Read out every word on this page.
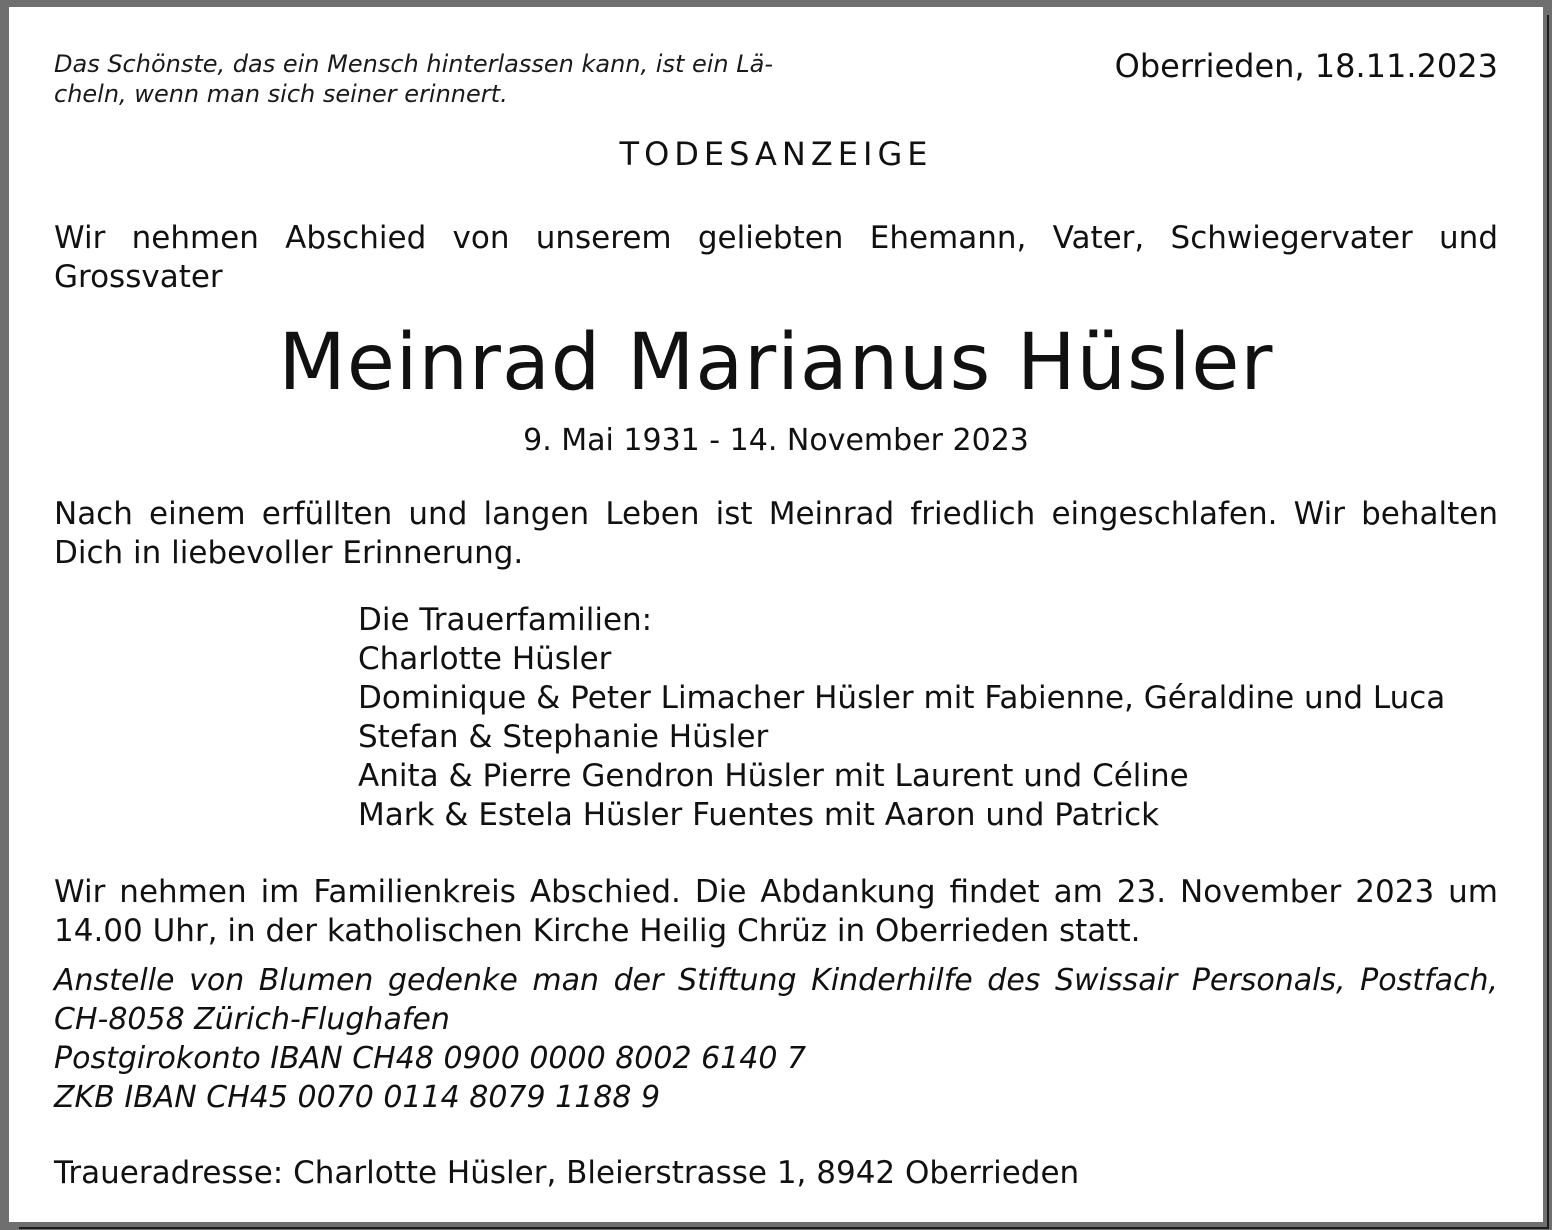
Das Schönste, das ein Mensch hinterlassen kann, ist ein Lä-
cheln, wenn man sich seiner erinnert.
Oberrieden, 18.11.2023
TODESANZEIGE
Wir nehmen Abschied von unserem geliebten Ehemann, Vater, Schwiegervater und Grossvater
Meinrad Marianus Hüsler
9. Mai 1931 - 14. November 2023
Nach einem erfüllten und langen Leben ist Meinrad friedlich eingeschlafen. Wir behalten Dich in liebevoller Erinnerung.
Die Trauerfamilien:
Charlotte Hüsler
Dominique & Peter Limacher Hüsler mit Fabienne, Géraldine und Luca
Stefan & Stephanie Hüsler
Anita & Pierre Gendron Hüsler mit Laurent und Céline
Mark & Estela Hüsler Fuentes mit Aaron und Patrick
Wir nehmen im Familienkreis Abschied. Die Abdankung findet am 23. November 2023 um 14.00 Uhr, in der katholischen Kirche Heilig Chrüz in Oberrieden statt.
Anstelle von Blumen gedenke man der Stiftung Kinderhilfe des Swissair Personals, Postfach, CH-8058 Zürich-Flughafen
Postgirokonto IBAN CH48 0900 0000 8002 6140 7
ZKB IBAN CH45 0070 0114 8079 1188 9
Traueradresse: Charlotte Hüsler, Bleierstrasse 1, 8942 Oberrieden
